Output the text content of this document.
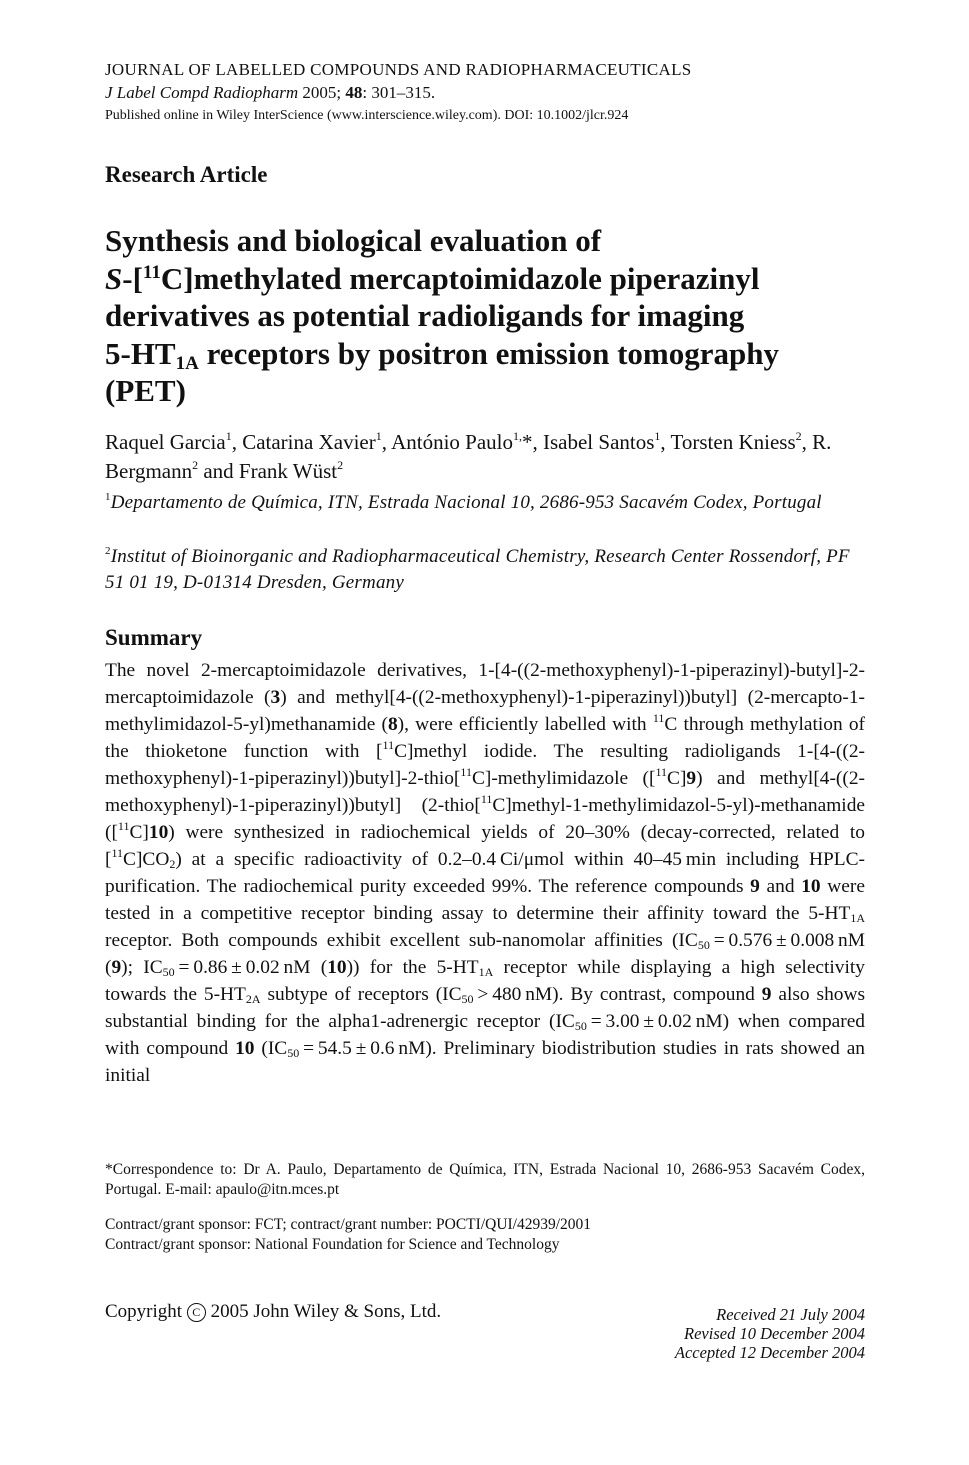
JOURNAL OF LABELLED COMPOUNDS AND RADIOPHARMACEUTICALS
J Label Compd Radiopharm 2005; 48: 301–315.
Published online in Wiley InterScience (www.interscience.wiley.com). DOI: 10.1002/jlcr.924
Research Article
Synthesis and biological evaluation of
S-[$^{11}$C]methylated mercaptoimidazole piperazinyl
derivatives as potential radioligands for imaging
$5-HT_{1A}$ receptors by positron emission tomography
(PET)
Raquel Garcia$^1$, Catarina Xavier$^1$, António Paulo$^{1,}$*, Isabel Santos$^1$, Torsten Kniess$^2$, R. Bergmann$^2$ and Frank Wüst$^2$
$^1$Departamento de Química, ITN, Estrada Nacional 10, 2686-953 Sacavém Codex, Portugal
$^2$Institut of Bioinorganic and Radiopharmaceutical Chemistry, Research Center Rossendorf, PF 51 01 19, D-01314 Dresden, Germany
Summary
The novel 2-mercaptoimidazole derivatives, 1-[4-((2-methoxyphenyl)-1-piperazinyl)-butyl]-2-mercaptoimidazole (3) and methyl[4-((2-methoxyphenyl)-1-piperazinyl))butyl] (2-mercapto-1-methylimidazol-5-yl)methanamide (8), were efficiently labelled with $^{11}$C through methylation of the thioketone function with [$^{11}$C]methyl iodide. The resulting radioligands 1-[4-((2-methoxyphenyl)-1-piperazinyl))butyl]-2-thio[$^{11}$C]-methylimidazole ([$^{11}$C]9) and methyl[4-((2-methoxyphenyl)-1-piperazinyl))butyl] (2-thio[$^{11}$C]methyl-1-methylimidazol-5-yl)-methanamide ([$^{11}$C]10) were synthesized in radiochemical yields of 20–30% (decay-corrected, related to $[^{11}C]CO_2$) at a specific radioactivity of 0.2–0.4 Ci/μmol within 40–45 min including HPLC-purification. The radiochemical purity exceeded 99%. The reference compounds 9 and 10 were tested in a competitive receptor binding assay to determine their affinity toward the $5-HT_{1A}$ receptor. Both compounds exhibit excellent sub-nanomolar affinities ($IC_{50} = 0.576 \pm 0.008$ nM (9); $IC_{50} = 0.86 \pm 0.02$ nM (10)) for the $5-HT_{1A}$ receptor while displaying a high selectivity towards the $5-HT_{2A}$ subtype of receptors ($IC_{50} > 480$ nM). By contrast, compound 9 also shows substantial binding for the alpha1-adrenergic receptor ($IC_{50} = 3.00 \pm 0.02$ nM) when compared with compound 10 ($IC_{50} = 54.5 \pm 0.6$ nM). Preliminary biodistribution studies in rats showed an initial
*Correspondence to: Dr A. Paulo, Departamento de Química, ITN, Estrada Nacional 10, 2686-953 Sacavém Codex, Portugal. E-mail: apaulo@itn.mces.pt
Contract/grant sponsor: FCT; contract/grant number: POCTI/QUI/42939/2001
Contract/grant sponsor: National Foundation for Science and Technology
Copyright C 2005 John Wiley & Sons, Ltd.	Received 21 July 2004
Revised 10 December 2004
Accepted 12 December 2004
